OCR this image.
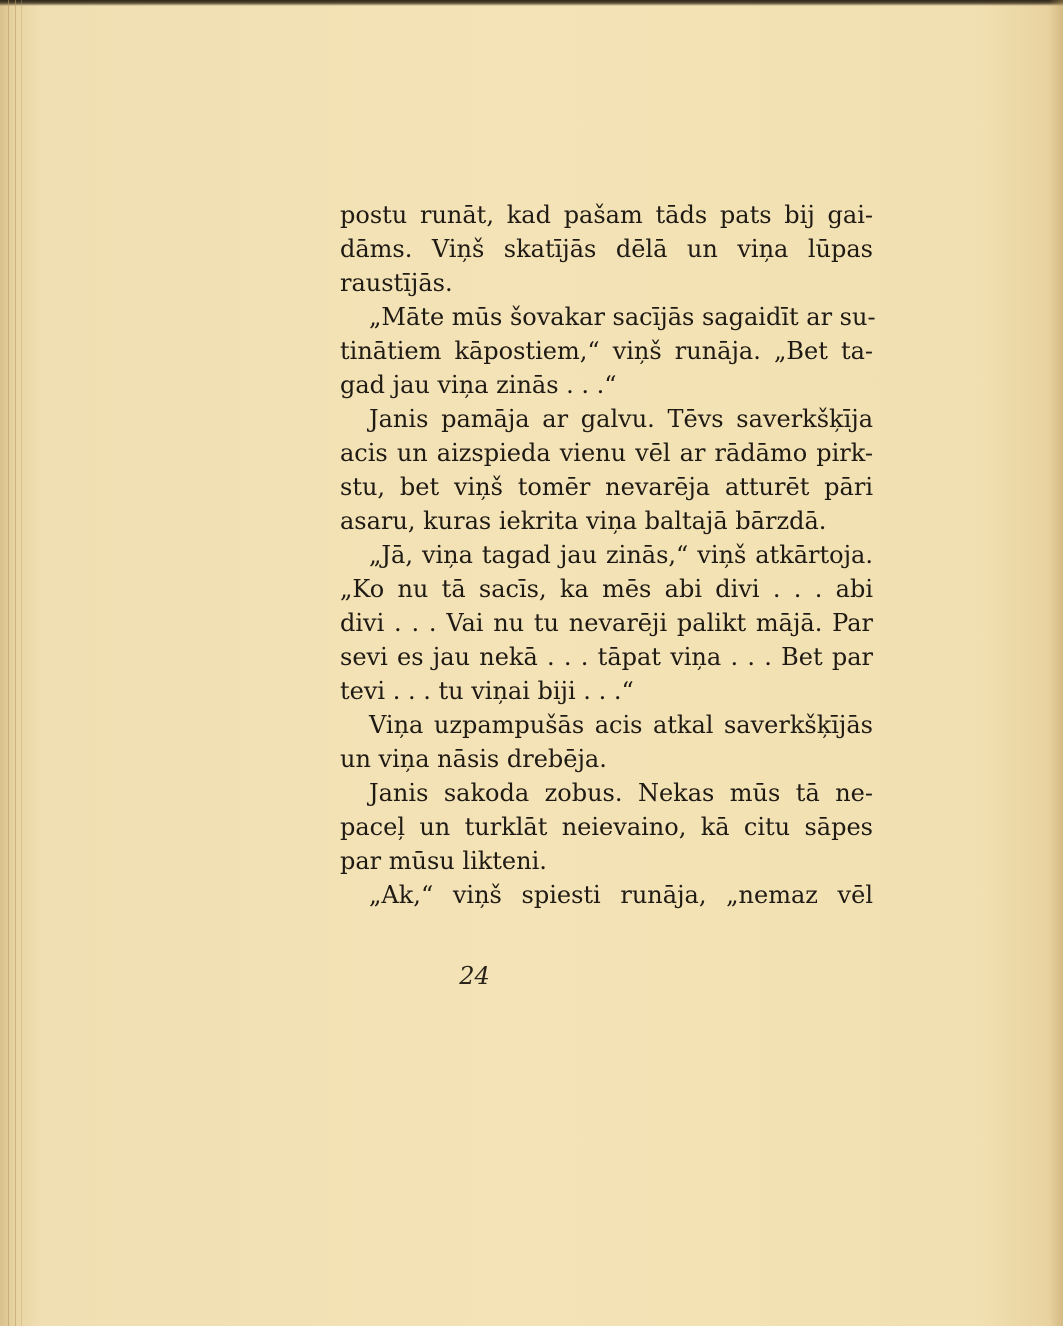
postu runāt, kad pašam tāds pats bij gai-
dāms. Viņš skatījās dēlā un viņa lūpas
raustījās.
„Māte mūs šovakar sacījās sagaidīt ar su-
tinātiem kāpostiem,“ viņš runāja. „Bet ta-
gad jau viņa zinās . . .“
Janis pamāja ar galvu. Tēvs saverkšķīja
acis un aizspieda vienu vēl ar rādāmo pirk-
stu, bet viņš tomēr nevarēja atturēt pāri
asaru, kuras iekrita viņa baltajā bārzdā.
„Jā, viņa tagad jau zinās,“ viņš atkārtoja.
„Ko nu tā sacīs, ka mēs abi divi . . . abi
divi . . . Vai nu tu nevarēji palikt mājā. Par
sevi es jau nekā . . . tāpat viņa . . . Bet par
tevi . . . tu viņai biji . . .“
Viņa uzpampušās acis atkal saverkšķījās
un viņa nāsis drebēja.
Janis sakoda zobus. Nekas mūs tā ne-
paceļ un turklāt neievaino, kā citu sāpes
par mūsu likteni.
„Ak,“ viņš spiesti runāja, „nemaz vēl
24
